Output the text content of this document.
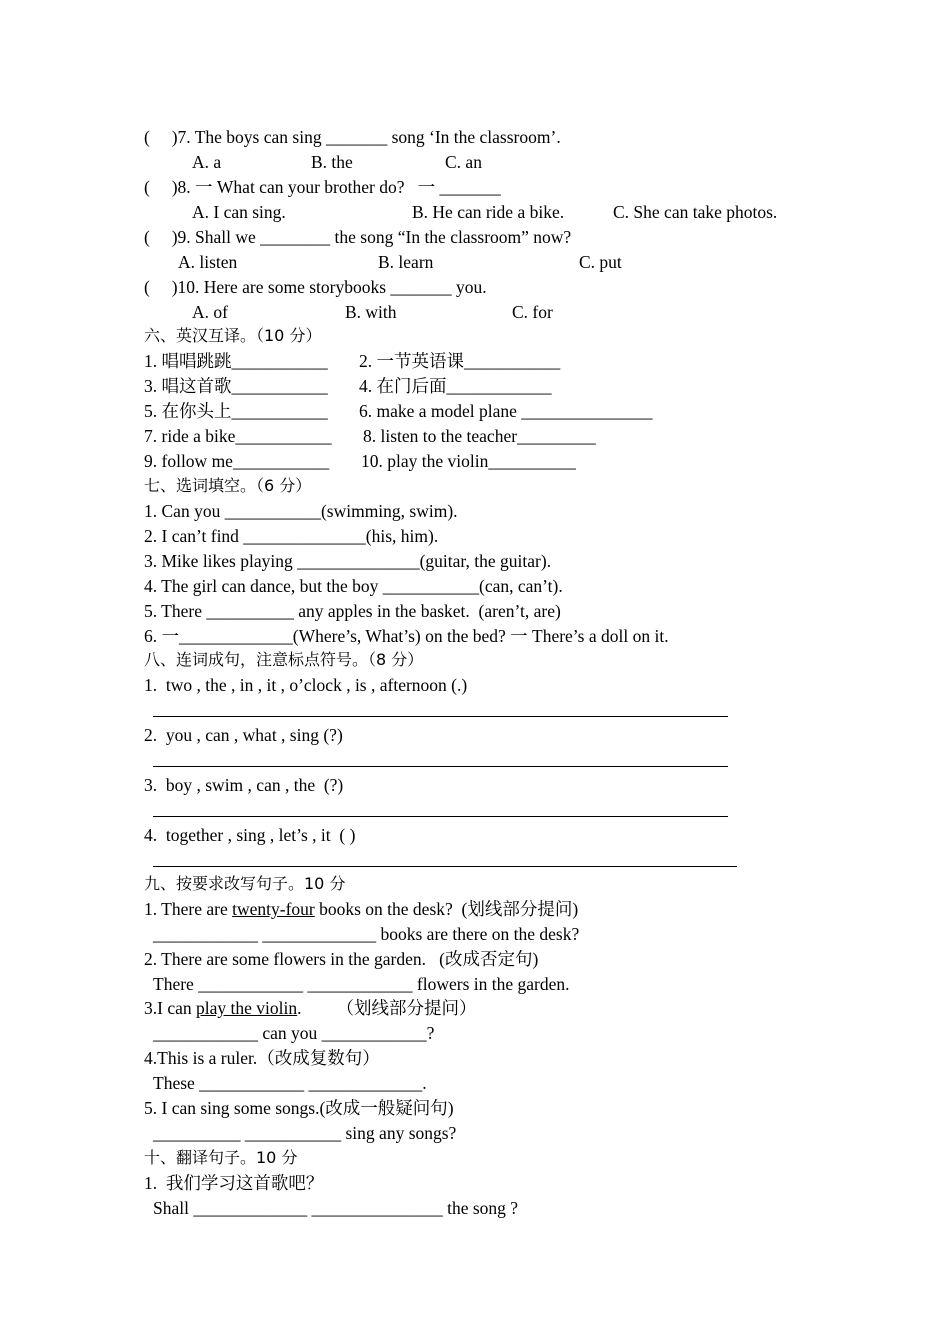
(     )7. The boys can sing _______ song ‘In the classroom’.
A. a	B. the	C. an
(     )8. 一 What can your brother do?   一 _______
A. I can sing.	B. He can ride a bike.	C. She can take photos.
(     )9. Shall we ________ the song “In the classroom” now?
A. listen	B. learn	C. put
(     )10. Here are some storybooks _______ you.
A. of	B. with	C. for
六、英汉互译。（10 分）
1. 唱唱跳跳___________ 2. 一节英语课___________
3. 唱这首歌___________ 4. 在门后面____________
5. 在你头上___________ 6. make a model plane _______________
7. ride a bike___________ 8. listen to the teacher_________
9. follow me___________ 10. play the violin__________
七、选词填空。（6 分）
1. Can you ___________(swimming, swim).
2. I can’t find ______________(his, him).
3. Mike likes playing ______________(guitar, the guitar).
4. The girl can dance, but the boy ___________(can, can’t).
5. There __________ any apples in the basket.  (aren’t, are)
6. 一_____________(Where’s, What’s) on the bed? 一 There’s a doll on it.
八、连词成句，注意标点符号。（8 分）
1.  two , the , in , it , o’clock , is , afternoon (.)
2.  you , can , what , sing (?)
3.  boy , swim , can , the  (?)
4.  together , sing , let’s , it  ( )
九、按要求改写句子。10 分
1. There are twenty-four books on the desk?  (划线部分提问)
____________ _____________ books are there on the desk?
2. There are some flowers in the garden.   (改成否定句)
There ____________ ____________ flowers in the garden.
3.I can play the violin.        （划线部分提问）
____________ can you ____________?
4.This is a ruler.（改成复数句）
These ____________ _____________.
5. I can sing some songs.(改成一般疑问句)
__________ ___________ sing any songs?
十、翻译句子。10 分
1.  我们学习这首歌吧？
Shall _____________ _______________ the song ?
